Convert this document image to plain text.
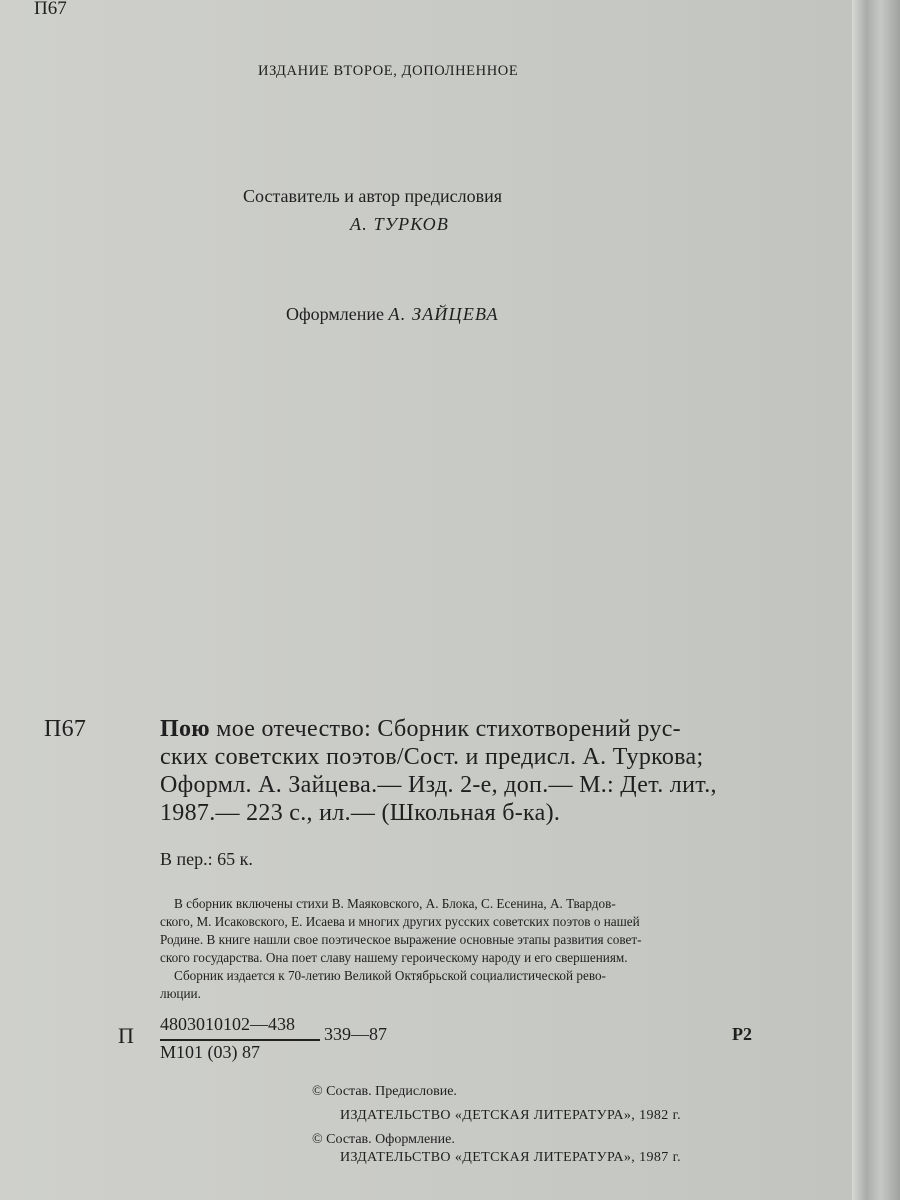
П67
ИЗДАНИЕ ВТОРОЕ, ДОПОЛНЕННОЕ
Составитель и автор предисловия
А. ТУРКОВ
Оформление А. ЗАЙЦЕВА
П67	Пою мое отечество: Сборник стихотворений рус-
ских советских поэтов/Сост. и предисл. А. Туркова;
Оформл. А. Зайцева.— Изд. 2-е, доп.— М.: Дет. лит.,
1987.— 223 с., ил.— (Школьная б-ка).
В пер.: 65 к.
В сборник включены стихи В. Маяковского, А. Блока, С. Есенина, А. Твардов-
ского, М. Исаковского, Е. Исаева и многих других русских советских поэтов о нашей
Родине. В книге нашли свое поэтическое выражение основные этапы развития совет-
ского государства. Она поет славу нашему героическому народу и его свершениям.
Сборник издается к 70-летию Великой Октябрьской социалистической рево-
люции.
П 4803010102—438
М101 (03) 87
339—87	Р2
© Состав. Предисловие.
ИЗДАТЕЛЬСТВО «ДЕТСКАЯ ЛИТЕРАТУРА», 1982 г.
© Состав. Оформление.
ИЗДАТЕЛЬСТВО «ДЕТСКАЯ ЛИТЕРАТУРА», 1987 г.
